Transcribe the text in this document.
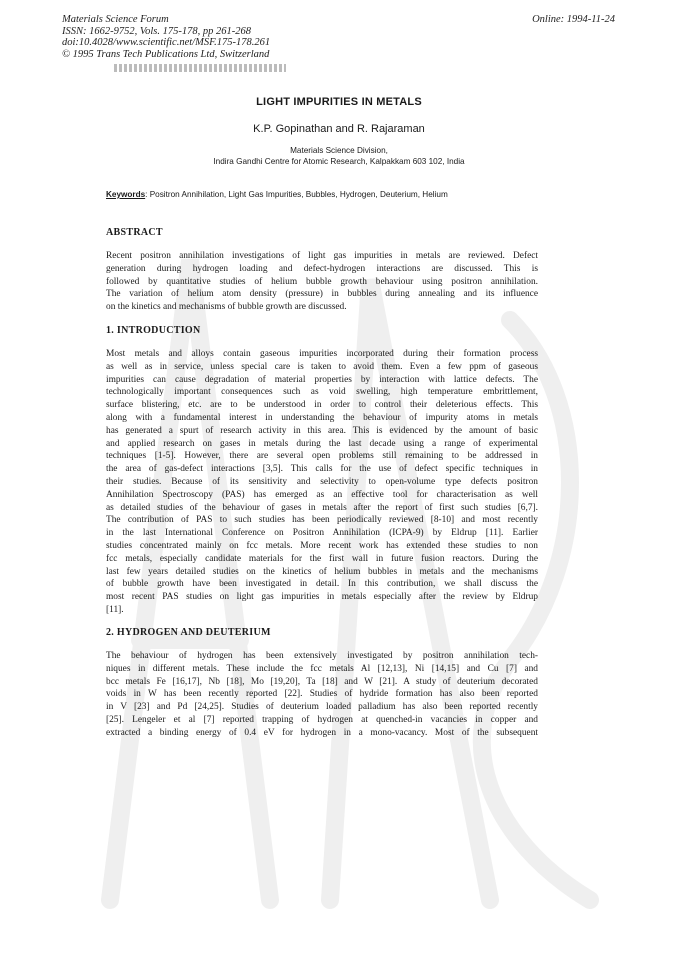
Materials Science Forum
ISSN: 1662-9752, Vols. 175-178, pp 261-268
doi:10.4028/www.scientific.net/MSF.175-178.261
© 1995 Trans Tech Publications Ltd, Switzerland
Online: 1994-11-24
LIGHT IMPURITIES IN METALS
K.P. Gopinathan and R. Rajaraman
Materials Science Division,
Indira Gandhi Centre for Atomic Research, Kalpakkam 603 102, India
Keywords: Positron Annihilation, Light Gas Impurities, Bubbles, Hydrogen, Deuterium, Helium
ABSTRACT
Recent positron annihilation investigations of light gas impurities in metals are reviewed. Defect
generation during hydrogen loading and defect-hydrogen interactions are discussed. This is
followed by quantitative studies of helium bubble growth behaviour using positron annihilation.
The variation of helium atom density (pressure) in bubbles during annealing and its influence
on the kinetics and mechanisms of bubble growth are discussed.
1. INTRODUCTION
Most metals and alloys contain gaseous impurities incorporated during their formation process
as well as in service, unless special care is taken to avoid them. Even a few ppm of gaseous
impurities can cause degradation of material properties by interaction with lattice defects. The
technologically important consequences such as void swelling, high temperature embrittlement,
surface blistering, etc. are to be understood in order to control their deleterious effects. This
along with a fundamental interest in understanding the behaviour of impurity atoms in metals
has generated a spurt of research activity in this area. This is evidenced by the amount of basic
and applied research on gases in metals during the last decade using a range of experimental
techniques [1-5]. However, there are several open problems still remaining to be addressed in
the area of gas-defect interactions [3,5]. This calls for the use of defect specific techniques in
their studies. Because of its sensitivity and selectivity to open-volume type defects positron
Annihilation Spectroscopy (PAS) has emerged as an effective tool for characterisation as well
as detailed studies of the behaviour of gases in metals after the report of first such studies [6,7].
The contribution of PAS to such studies has been periodically reviewed [8-10] and most recently
in the last International Conference on Positron Annihilation (ICPA-9) by Eldrup [11]. Earlier
studies concentrated mainly on fcc metals. More recent work has extended these studies to non
fcc metals, especially candidate materials for the first wall in future fusion reactors. During the
last few years detailed studies on the kinetics of helium bubbles in metals and the mechanisms
of bubble growth have been investigated in detail. In this contribution, we shall discuss the
most recent PAS studies on light gas impurities in metals especially after the review by Eldrup
[11].
2. HYDROGEN AND DEUTERIUM
The behaviour of hydrogen has been extensively investigated by positron annihilation tech-
niques in different metals. These include the fcc metals Al [12,13], Ni [14,15] and Cu [7] and
bcc metals Fe [16,17], Nb [18], Mo [19,20], Ta [18] and W [21]. A study of deuterium decorated
voids in W has been recently reported [22]. Studies of hydride formation has also been reported
in V [23] and Pd [24,25]. Studies of deuterium loaded palladium has also been reported recently
[25]. Lengeler et al [7] reported trapping of hydrogen at quenched-in vacancies in copper and
extracted a binding energy of 0.4 eV for hydrogen in a mono-vacancy. Most of the subsequent
